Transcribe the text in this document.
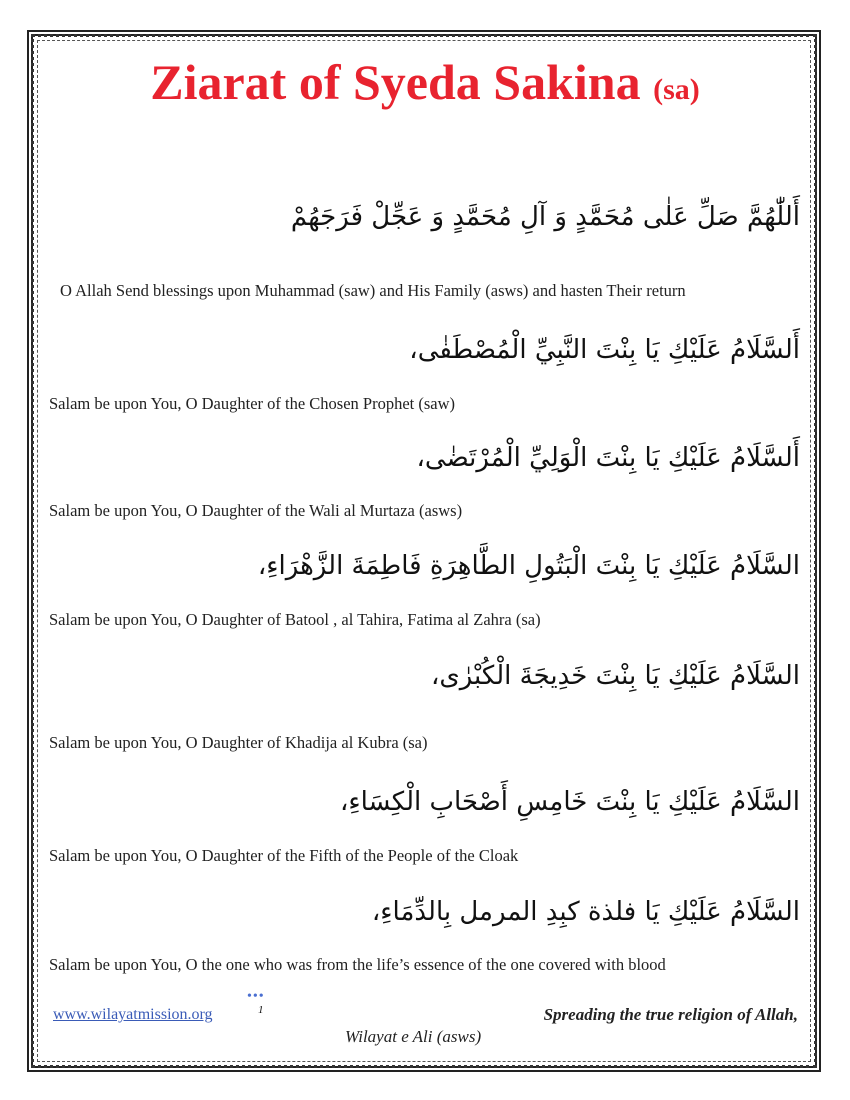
Ziarat of Syeda Sakina (sa)
أَللّٰهُمَّ صَلِّ عَلٰى مُحَمَّدٍ وَ آلِ مُحَمَّدٍ وَ عَجِّلْ فَرَجَهُمْ
O Allah Send blessings upon Muhammad (saw) and His Family (asws) and hasten Their return
أَلسَّلَامُ عَلَيْكِ يَا بِنْتَ النَّبِيِّ الْمُصْطَفٰى،
Salam be upon You, O Daughter of the Chosen Prophet (saw)
أَلسَّلَامُ عَلَيْكِ يَا بِنْتَ الْوَلِيِّ الْمُرْتَضٰى،
Salam be upon You, O Daughter of the Wali al Murtaza (asws)
السَّلَامُ عَلَيْكِ يَا بِنْتَ الْبَتُولِ الطَّاهِرَةِ فَاطِمَةَ الزَّهْرَاءِ،
Salam be upon You, O Daughter of Batool , al Tahira, Fatima al Zahra (sa)
السَّلَامُ عَلَيْكِ يَا بِنْتَ خَدِيجَةَ الْكُبْرٰى،
Salam be upon You, O Daughter of Khadija al Kubra (sa)
السَّلَامُ عَلَيْكِ يَا بِنْتَ خَامِسِ أَصْحَابِ الْكِسَاءِ،
Salam be upon You, O Daughter of the Fifth of the People of the Cloak
السَّلَامُ عَلَيْكِ يَا فلذة كبِدِ المرمل بِالدِّمَاءِ،
Salam be upon You, O the one who was from the life’s essence of the one covered with blood
www.wilayatmission.org
•••
1	Spreading the true religion of Allah,
Wilayat e Ali (asws)
